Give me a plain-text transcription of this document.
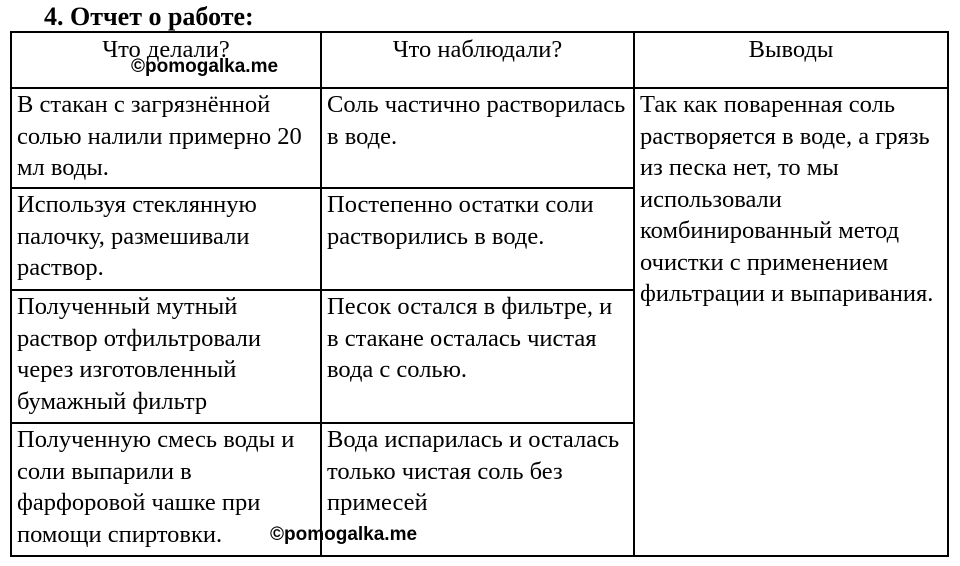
4. Отчет о работе:
Что делали?	Что наблюдали?	Выводы

В стакан с загрязнённой солью налили примерно 20 мл воды.	Соль частично растворилась в воде.	Так как поваренная соль растворяется в воде, а грязь из песка нет, то мы использовали комбинированный метод очистки с применением фильтрации и выпаривания.

Используя стеклянную палочку, размешивали раствор.	Постепенно остатки соли растворились в воде.	

Полученный мутный раствор отфильтровали через изготовленный бумажный фильтр	Песок остался в фильтре, и в стакане осталась чистая вода с солью.	

Полученную смесь воды и соли выпарили в фарфоровой чашке при помощи спиртовки.	Вода испарилась и осталась только чистая соль без примесей	
©pomogalka.me
©pomogalka.me
